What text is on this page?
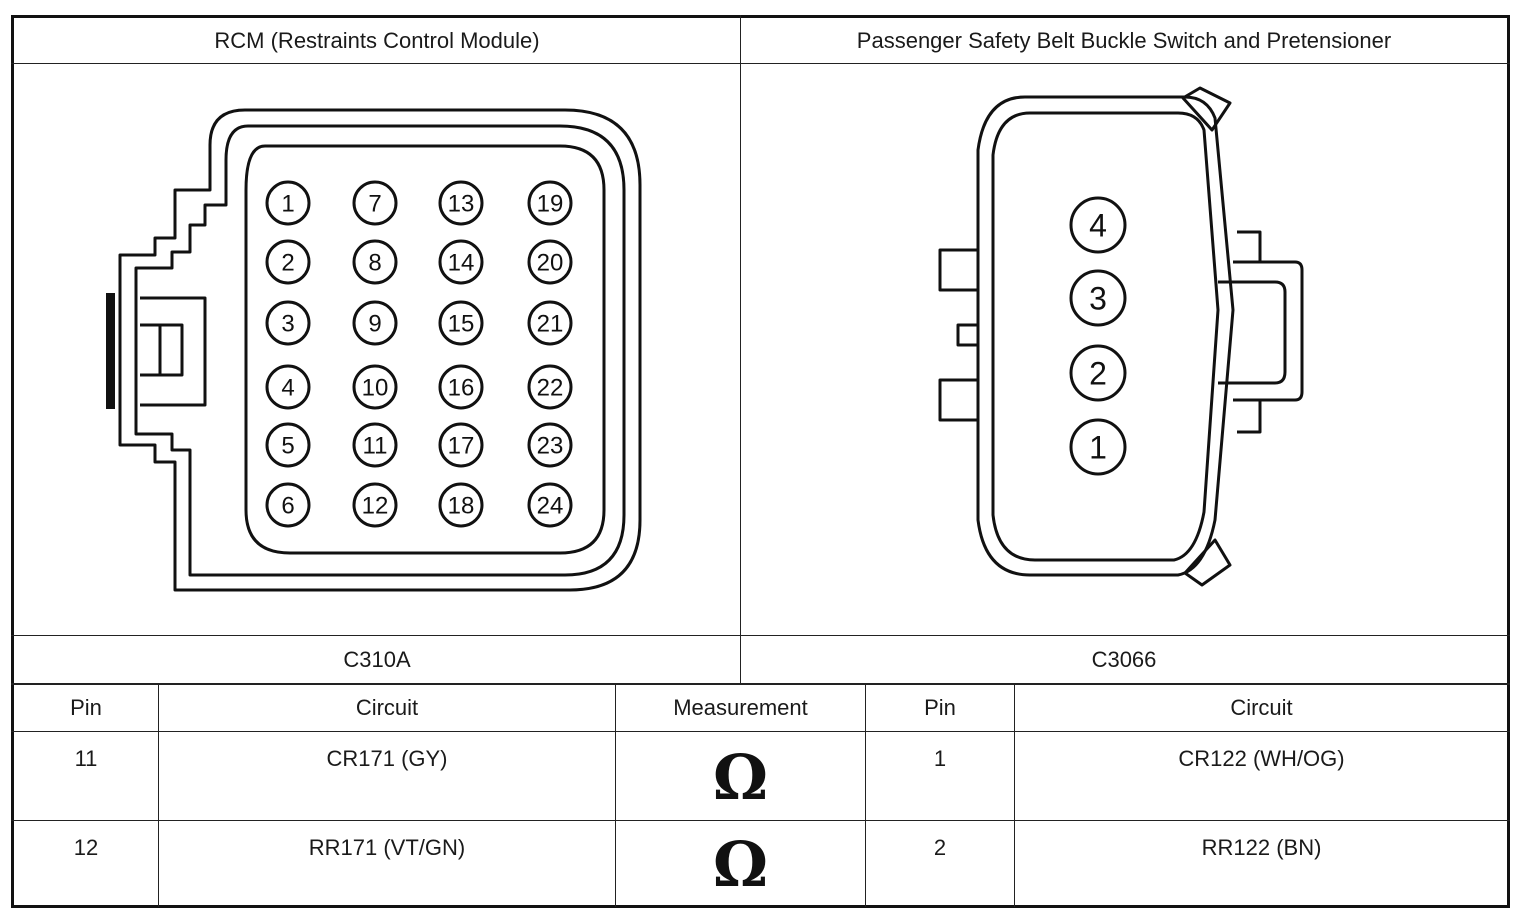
RCM (Restraints Control Module)	Passenger Safety Belt Buckle Switch and Pretensioner
C310A	C3066
1
2
3
4
5
6
7
8
9
10
11
12
13
14
15
16
17
18
19
20
21
22
23
24
4
3
2
1
Pin	Circuit	Measurement	Pin	Circuit
11	CR171 (GY)	Ω	1	CR122 (WH/OG)
12	RR171 (VT/GN)	Ω	2	RR122 (BN)
